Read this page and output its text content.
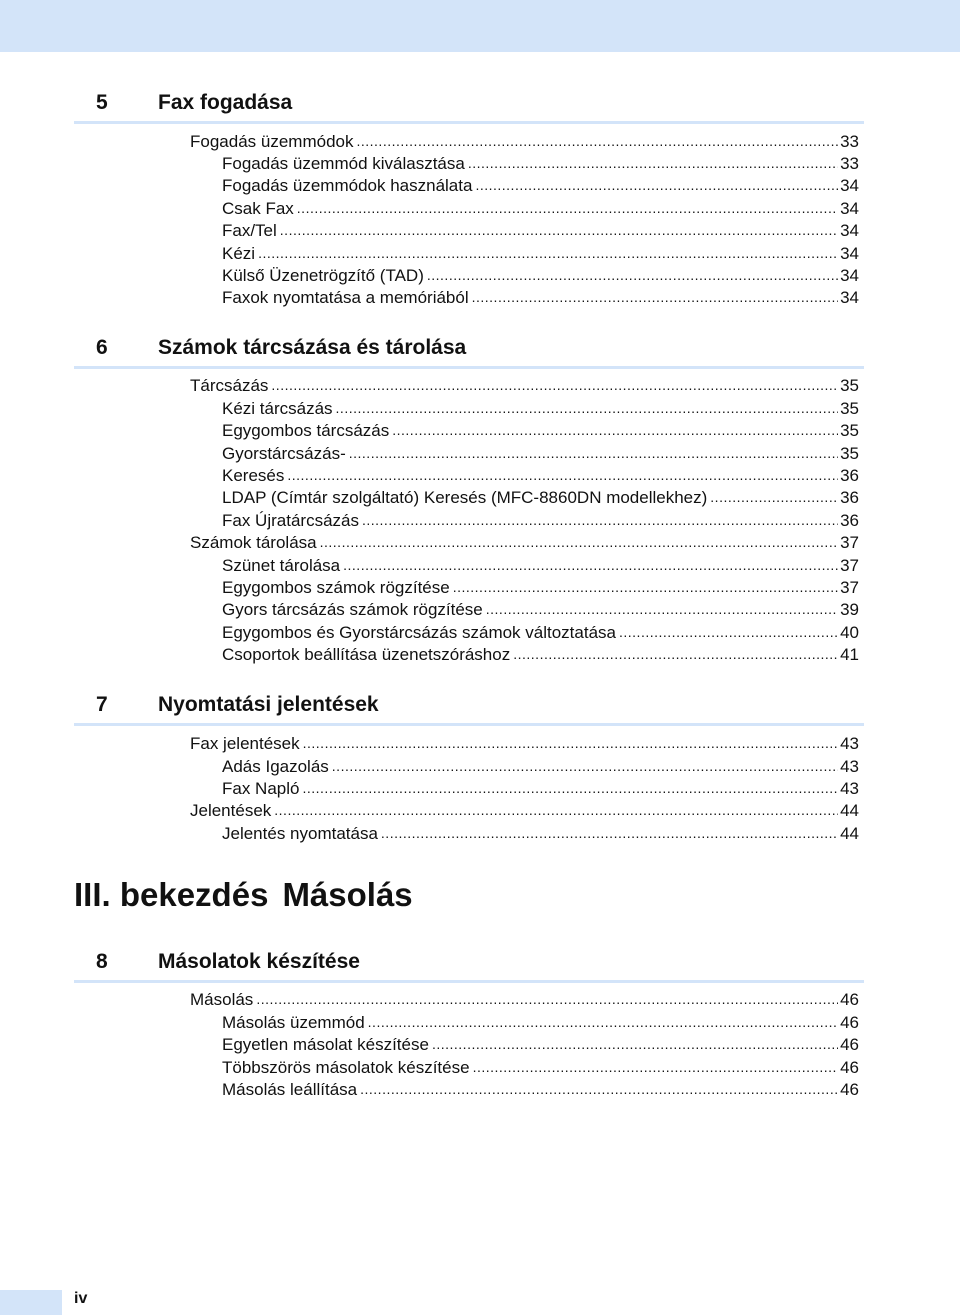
5 Fax fogadása
Fogadás üzemmódok .....	33
Fogadás üzemmód kiválasztása .....	33
Fogadás üzemmódok használata .....	34
Csak Fax .....	34
Fax/Tel .....	34
Kézi .....	34
Külső Üzenetrögzítő (TAD) .....	34
Faxok nyomtatása a memóriából .....	34
6 Számok tárcsázása és tárolása
Tárcsázás .....	35
Kézi tárcsázás .....	35
Egygombos tárcsázás .....	35
Gyorstárcsázás- .....	35
Keresés .....	36
LDAP (Címtár szolgáltató) Keresés (MFC-8860DN modellekhez) .....	36
Fax Újratárcsázás .....	36
Számok tárolása .....	37
Szünet tárolása .....	37
Egygombos számok rögzítése .....	37
Gyors tárcsázás számok rögzítése .....	39
Egygombos és Gyorstárcsázás számok változtatása .....	40
Csoportok beállítása üzenetszóráshoz .....	41
7 Nyomtatási jelentések
Fax jelentések .....	43
Adás Igazolás .....	43
Fax Napló .....	43
Jelentések .....	44
Jelentés nyomtatása .....	44
III. bekezdés Másolás
8 Másolatok készítése
Másolás .....	46
Másolás üzemmód .....	46
Egyetlen másolat készítése .....	46
Többszörös másolatok készítése .....	46
Másolás leállítása .....	46
iv
